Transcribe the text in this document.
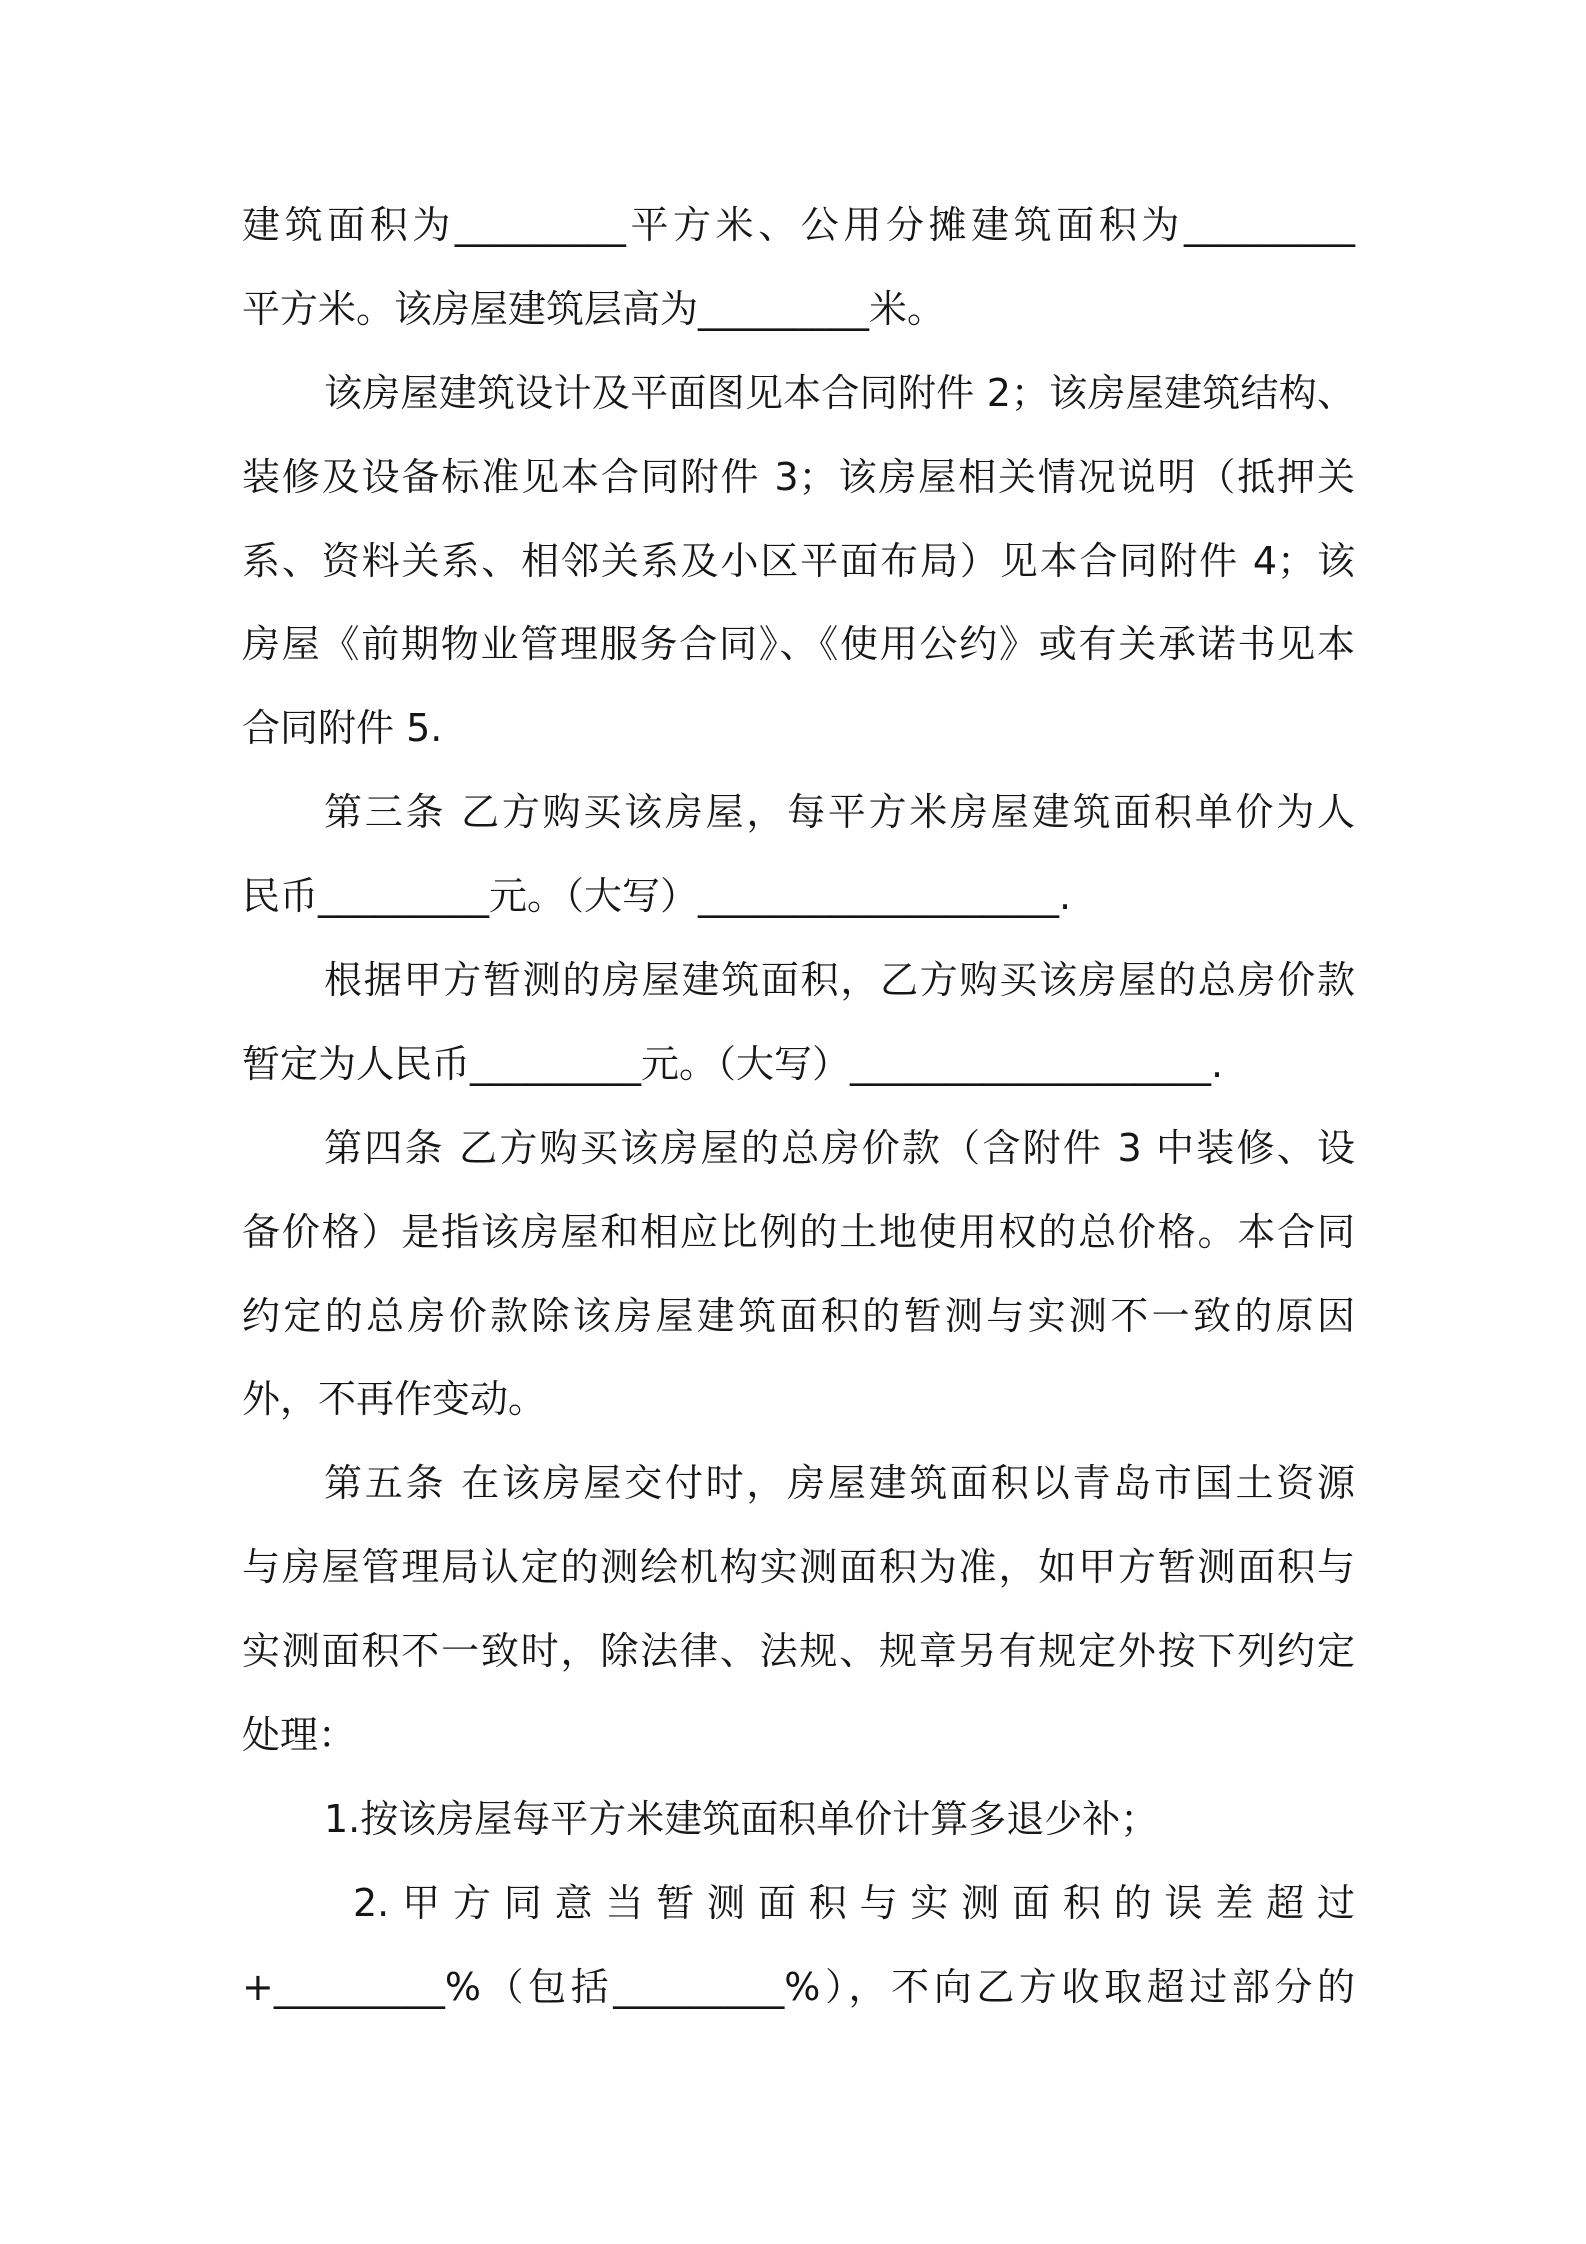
建筑面积为_________平方米、公用分摊建筑面积为_________
平方米。该房屋建筑层高为_________米。
该房屋建筑设计及平面图见本合同附件 2；该房屋建筑结构、
装修及设备标准见本合同附件 3；该房屋相关情况说明（抵押关
系、资料关系、相邻关系及小区平面布局）见本合同附件 4；该
房屋《前期物业管理服务合同》、《使用公约》或有关承诺书见本
合同附件 5.
第三条 乙方购买该房屋，每平方米房屋建筑面积单价为人
民币_________元。（大写）___________________.
根据甲方暂测的房屋建筑面积，乙方购买该房屋的总房价款
暂定为人民币_________元。（大写）___________________.
第四条 乙方购买该房屋的总房价款（含附件 3 中装修、设
备价格）是指该房屋和相应比例的土地使用权的总价格。本合同
约定的总房价款除该房屋建筑面积的暂测与实测不一致的原因
外，不再作变动。
第五条 在该房屋交付时，房屋建筑面积以青岛市国土资源
与房屋管理局认定的测绘机构实测面积为准，如甲方暂测面积与
实测面积不一致时，除法律、法规、规章另有规定外按下列约定
处理：
1.按该房屋每平方米建筑面积单价计算多退少补；
2.甲方同意当暂测面积与实测面积的误差超过
+_________%（包括_________%），不向乙方收取超过部分的
